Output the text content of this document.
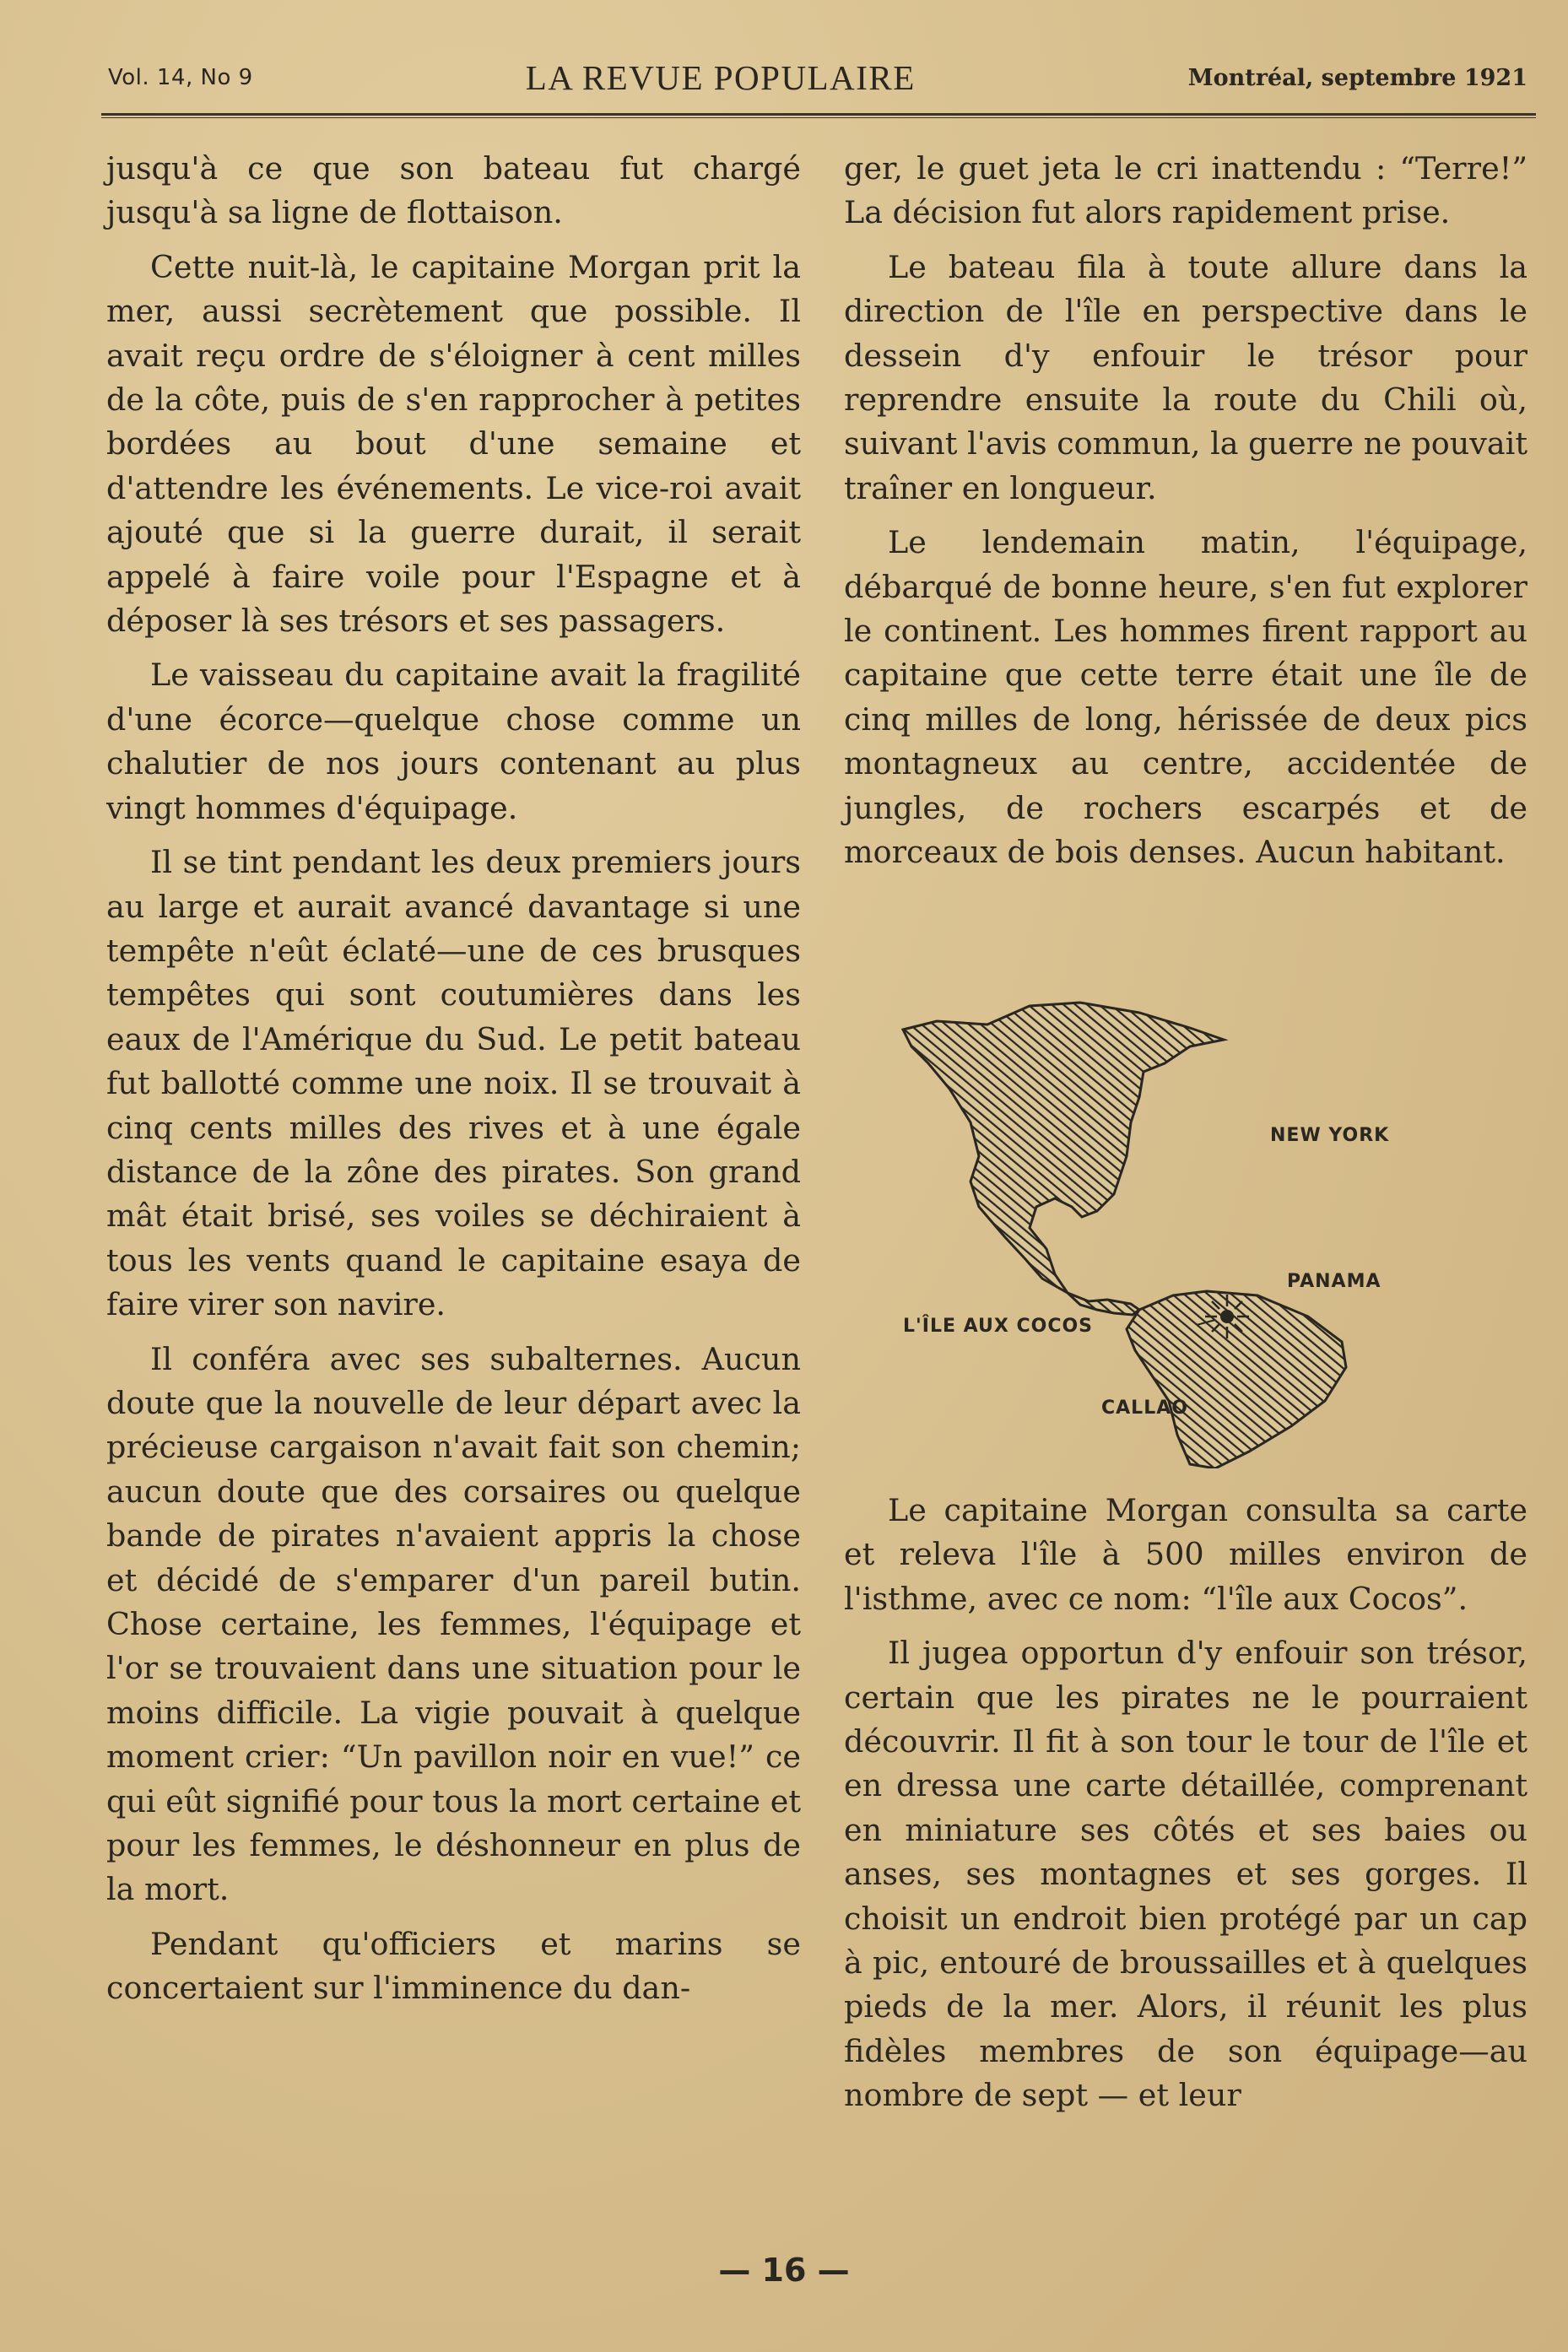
Vol. 14, No 9	LA REVUE POPULAIRE	Montréal, septembre 1921

jusqu'à ce que son bateau fut chargé jusqu'à sa ligne de flottaison.

Cette nuit-là, le capitaine Morgan prit la mer, aussi secrètement que possible. Il avait reçu ordre de s'éloigner à cent milles de la côte, puis de s'en rapprocher à petites bordées au bout d'une semaine et d'attendre les événements. Le vice-roi avait ajouté que si la guerre durait, il serait appelé à faire voile pour l'Espagne et à déposer là ses trésors et ses passagers.

Le vaisseau du capitaine avait la fragilité d'une écorce—quelque chose comme un chalutier de nos jours contenant au plus vingt hommes d'équipage.

Il se tint pendant les deux premiers jours au large et aurait avancé davantage si une tempête n'eût éclaté—une de ces brusques tempêtes qui sont coutumières dans les eaux de l'Amérique du Sud. Le petit bateau fut ballotté comme une noix. Il se trouvait à cinq cents milles des rives et à une égale distance de la zône des pirates. Son grand mât était brisé, ses voiles se déchiraient à tous les vents quand le capitaine esaya de faire virer son navire.

Il conféra avec ses subalternes. Aucun doute que la nouvelle de leur départ avec la précieuse cargaison n'avait fait son chemin; aucun doute que des corsaires ou quelque bande de pirates n'avaient appris la chose et décidé de s'emparer d'un pareil butin. Chose certaine, les femmes, l'équipage et l'or se trouvaient dans une situation pour le moins difficile. La vigie pouvait à quelque moment crier: “Un pavillon noir en vue!” ce qui eût signifié pour tous la mort certaine et pour les femmes, le déshonneur en plus de la mort.

Pendant qu'officiers et marins se concertaient sur l'imminence du dan-

ger, le guet jeta le cri inattendu : “Terre!” La décision fut alors rapidement prise.

Le bateau fila à toute allure dans la direction de l'île en perspective dans le dessein d'y enfouir le trésor pour reprendre ensuite la route du Chili où, suivant l'avis commun, la guerre ne pouvait traîner en longueur.

Le lendemain matin, l'équipage, débarqué de bonne heure, s'en fut explorer le continent. Les hommes firent rapport au capitaine que cette terre était une île de cinq milles de long, hérissée de deux pics montagneux au centre, accidentée de jungles, de rochers escarpés et de morceaux de bois denses. Aucun habitant.

NEW YORK
PANAMA
L'ÎLE AUX COCOS
CALLAO

Le capitaine Morgan consulta sa carte et releva l'île à 500 milles environ de l'isthme, avec ce nom: “l'île aux Cocos”.

Il jugea opportun d'y enfouir son trésor, certain que les pirates ne le pourraient découvrir. Il fit à son tour le tour de l'île et en dressa une carte détaillée, comprenant en miniature ses côtés et ses baies ou anses, ses montagnes et ses gorges. Il choisit un endroit bien protégé par un cap à pic, entouré de broussailles et à quelques pieds de la mer. Alors, il réunit les plus fidèles membres de son équipage—au nombre de sept — et leur

— 16 —
